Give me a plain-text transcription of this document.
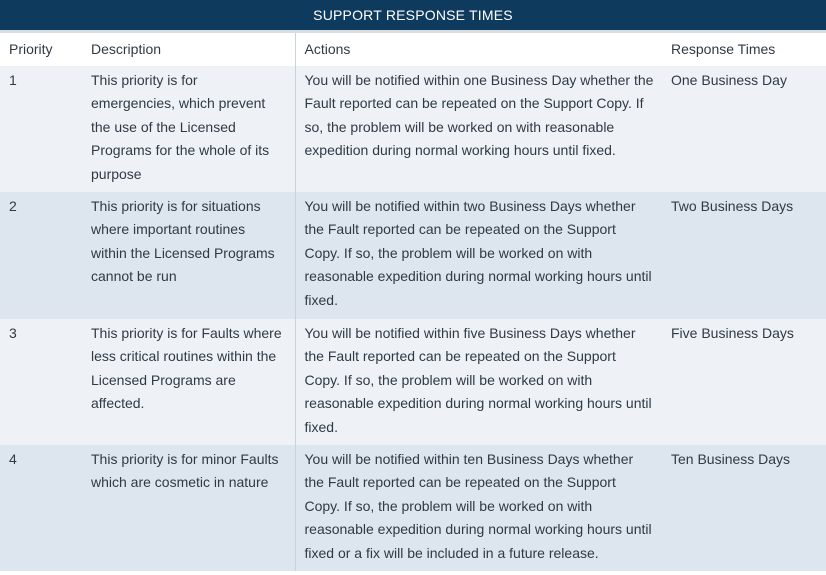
SUPPORT RESPONSE TIMES
Priority	Description	Actions	Response Times
1	This priority is for emergencies, which prevent the use of the Licensed Programs for the whole of its purpose	You will be notified within one Business Day whether the Fault reported can be repeated on the Support Copy. If so, the problem will be worked on with reasonable expedition during normal working hours until fixed.	One Business Day
2	This priority is for situations where important routines within the Licensed Programs cannot be run	You will be notified within two Business Days whether the Fault reported can be repeated on the Support Copy. If so, the problem will be worked on with reasonable expedition during normal working hours until fixed.	Two Business Days
3	This priority is for Faults where less critical routines within the Licensed Programs are affected.	You will be notified within five Business Days whether the Fault reported can be repeated on the Support Copy. If so, the problem will be worked on with reasonable expedition during normal working hours until fixed.	Five Business Days
4	This priority is for minor Faults which are cosmetic in nature	You will be notified within ten Business Days whether the Fault reported can be repeated on the Support Copy. If so, the problem will be worked on with reasonable expedition during normal working hours until fixed or a fix will be included in a future release.	Ten Business Days
